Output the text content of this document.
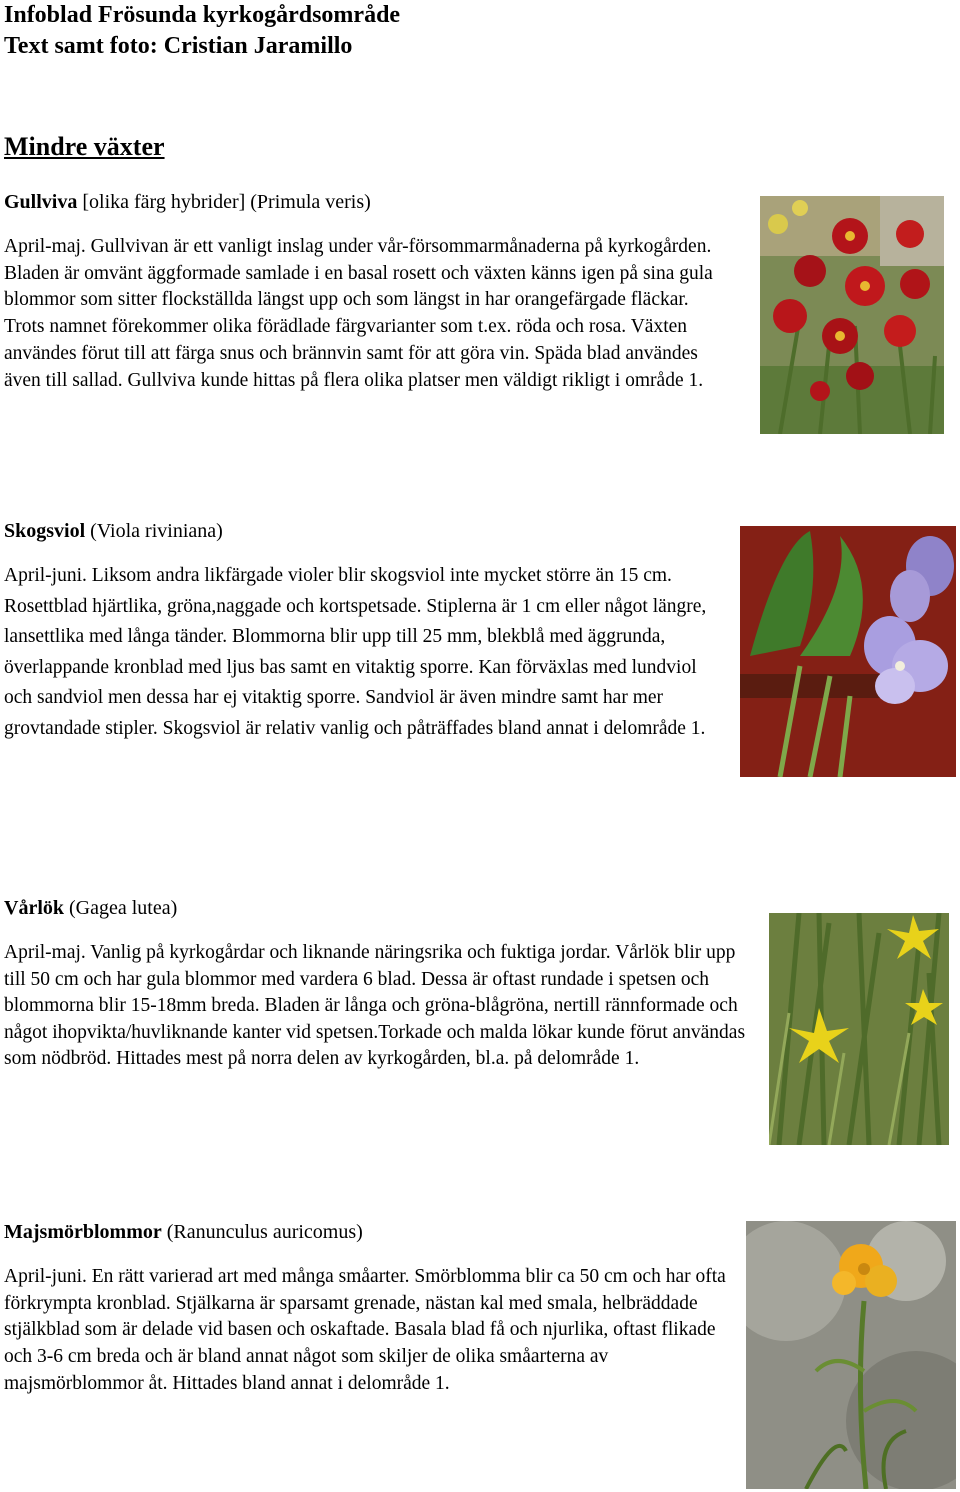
Infoblad Frösunda kyrkogårdsområde
Text samt foto: Cristian Jaramillo
Mindre växter
Gullviva [olika färg hybrider] (Primula veris)
April-maj. Gullvivan är ett vanligt inslag under vår-försommarmånaderna på kyrkogården. Bladen är omvänt äggformade samlade i en basal rosett och växten känns igen på sina gula blommor som sitter flockställda längst upp och som längst in har orangefärgade fläckar. Trots namnet förekommer olika förädlade färgvarianter som t.ex. röda och rosa. Växten användes förut till att färga snus och brännvin samt för att göra vin. Späda blad användes även till sallad. Gullviva kunde hittas på flera olika platser men väldigt rikligt i område 1.
Skogsviol (Viola riviniana)
April-juni. Liksom andra likfärgade violer blir skogsviol inte mycket större än 15 cm. Rosettblad hjärtlika, gröna,naggade och kortspetsade. Stiplerna är 1 cm eller något längre, lansettlika med långa tänder. Blommorna blir upp till 25 mm, blekblå med äggrunda, överlappande kronblad med ljus bas samt en vitaktig sporre. Kan förväxlas med lundviol och sandviol men dessa har ej vitaktig sporre. Sandviol är även mindre samt har mer grovtandade stipler. Skogsviol är relativ vanlig och påträffades bland annat i delområde 1.
Vårlök (Gagea lutea)
April-maj. Vanlig på kyrkogårdar och liknande näringsrika och fuktiga jordar. Vårlök blir upp till 50 cm och har gula blommor med vardera 6 blad. Dessa är oftast rundade i spetsen och blommorna blir 15-18mm breda. Bladen är långa och gröna-blågröna, nertill rännformade och något ihopvikta/huvliknande kanter vid spetsen.Torkade och malda lökar kunde förut användas som nödbröd. Hittades mest på norra delen av kyrkogården, bl.a. på delområde 1.
Majsmörblommor (Ranunculus auricomus)
April-juni. En rätt varierad art med många småarter. Smörblomma blir ca 50 cm och har ofta förkrympta kronblad. Stjälkarna är sparsamt grenade, nästan kal med smala, helbräddade stjälkblad som är delade vid basen och oskaftade. Basala blad få och njurlika, oftast flikade och 3-6 cm breda och är bland annat något som skiljer de olika småarterna av majsmörblommor åt. Hittades bland annat i delområde 1.
